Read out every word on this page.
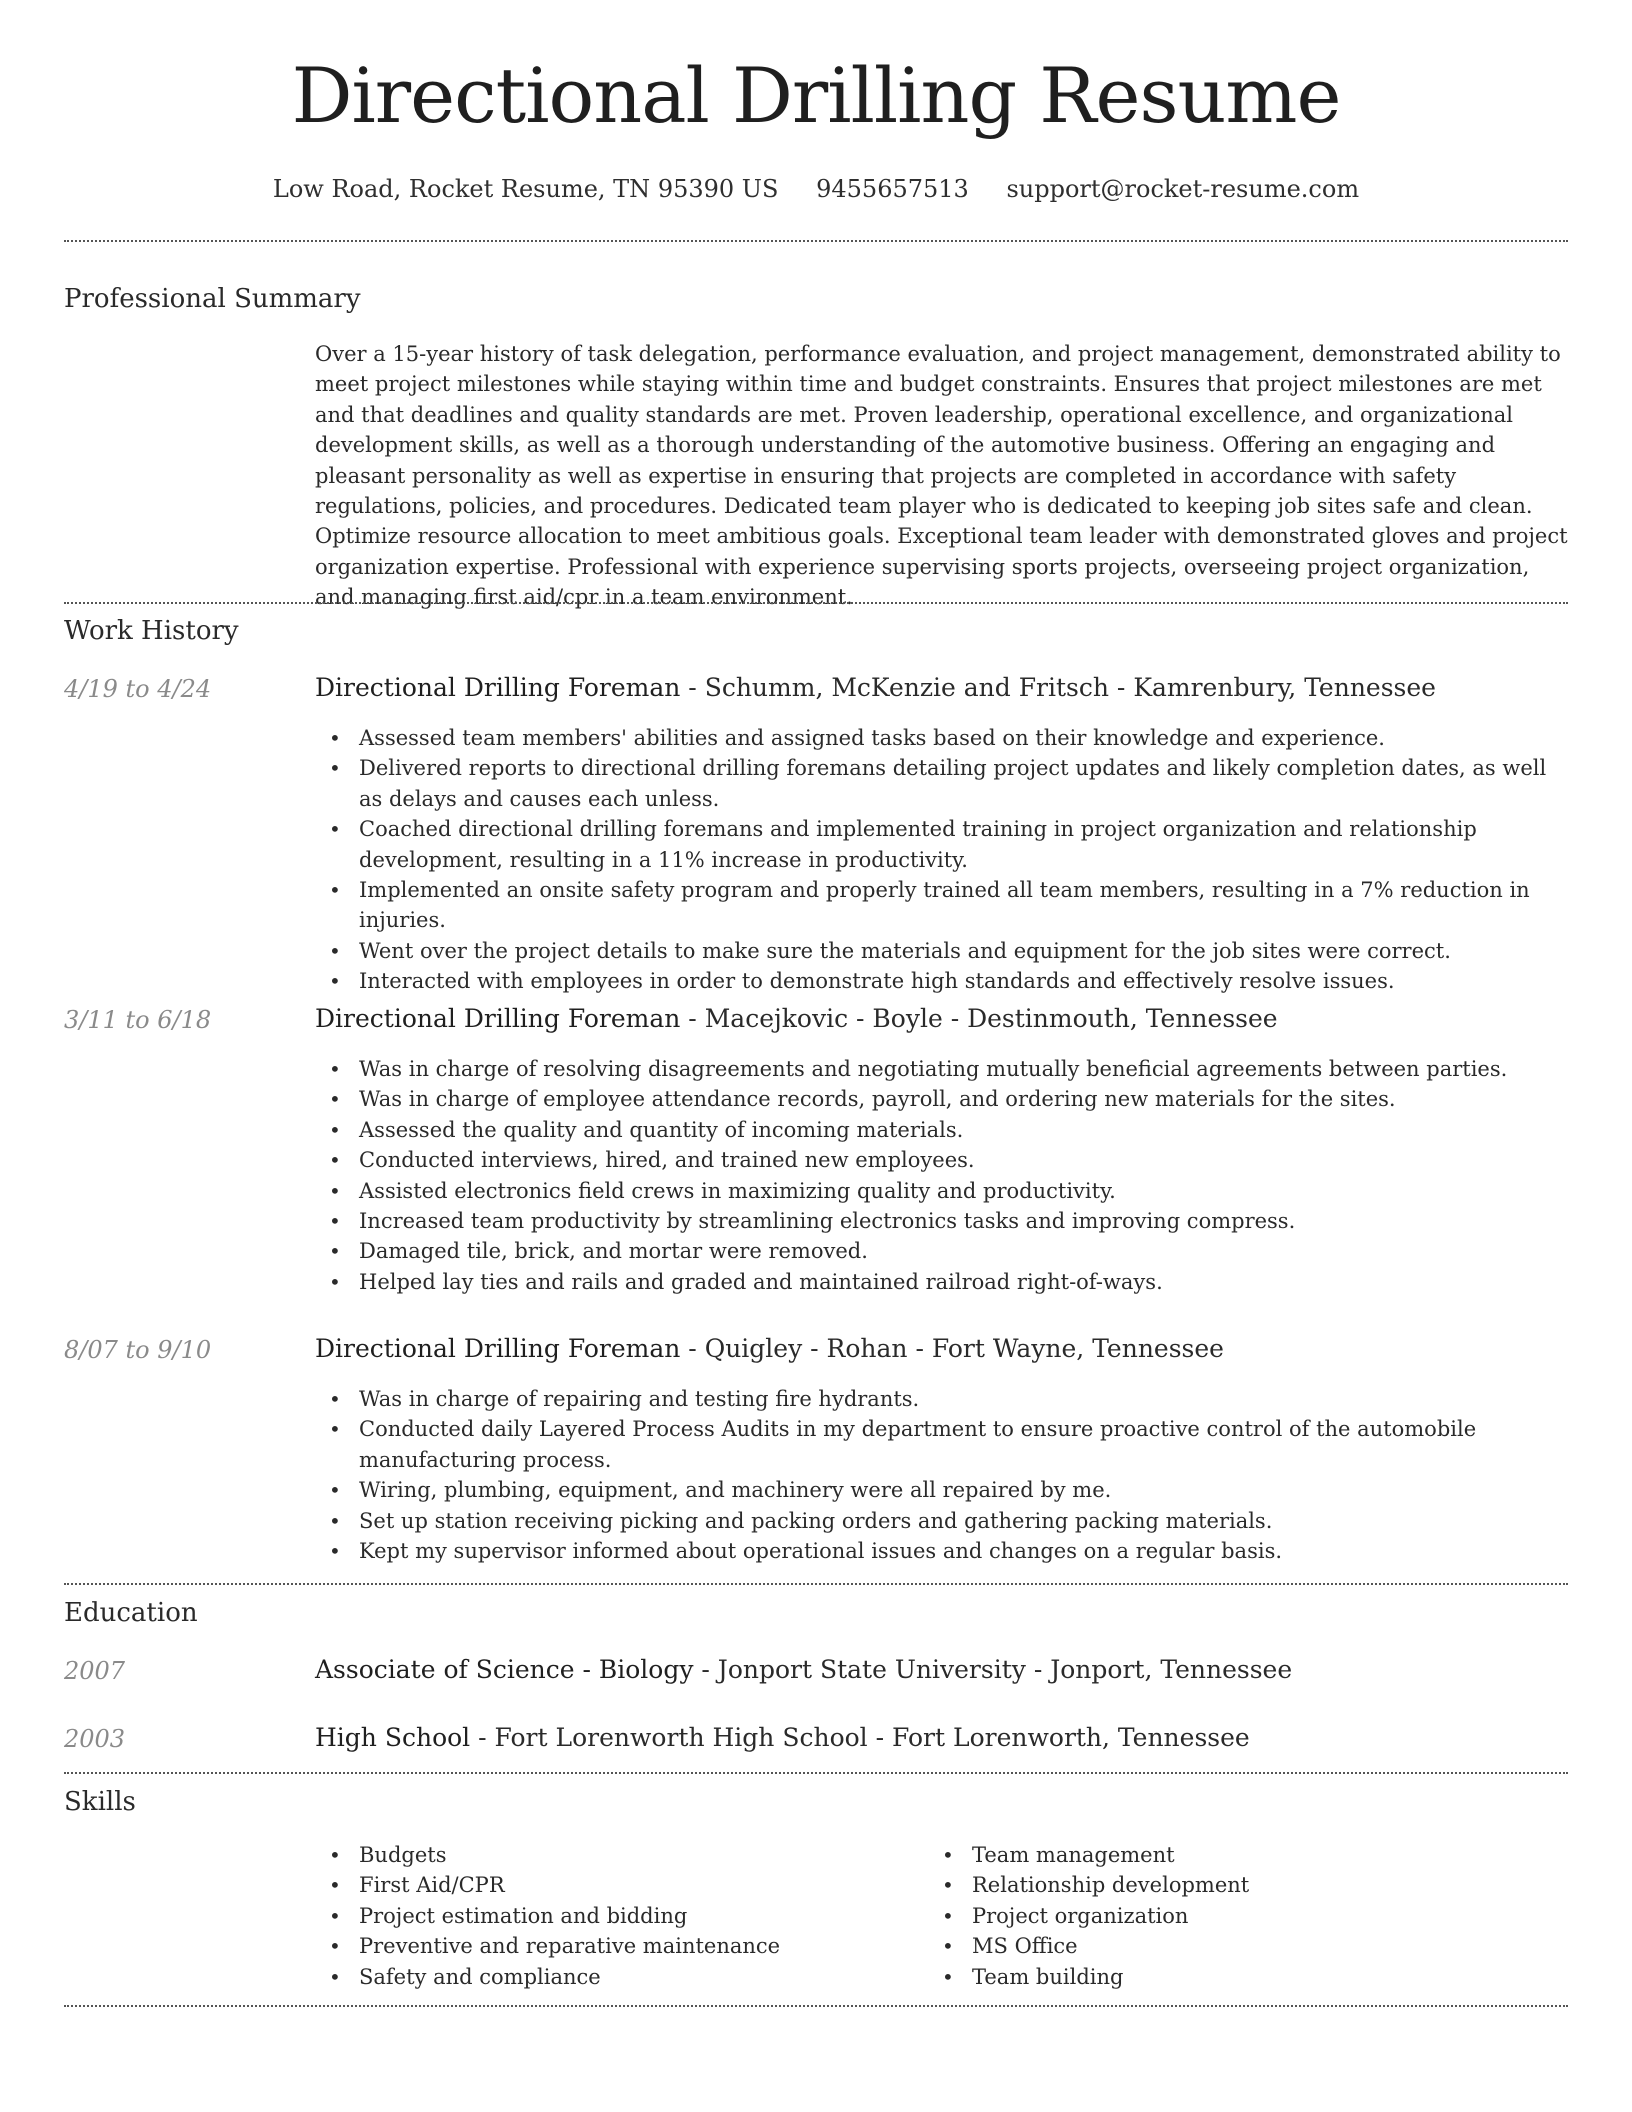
Directional Drilling Resume
Low Road, Rocket Resume, TN 95390 US 9455657513 support@rocket-resume.com
Professional Summary

Over a 15-year history of task delegation, performance evaluation, and project management, demonstrated ability to meet project milestones while staying within time and budget constraints. Ensures that project milestones are met and that deadlines and quality standards are met. Proven leadership, operational excellence, and organizational development skills, as well as a thorough understanding of the automotive business. Offering an engaging and pleasant personality as well as expertise in ensuring that projects are completed in accordance with safety regulations, policies, and procedures. Dedicated team player who is dedicated to keeping job sites safe and clean. Optimize resource allocation to meet ambitious goals. Exceptional team leader with demonstrated gloves and project organization expertise. Professional with experience supervising sports projects, overseeing project organization, and managing first aid/cpr in a team environment.

Work History
4/19 to 4/24	Directional Drilling Foreman - Schumm, McKenzie and Fritsch - Kamrenbury, Tennessee
• Assessed team members' abilities and assigned tasks based on their knowledge and experience.
• Delivered reports to directional drilling foremans detailing project updates and likely completion dates, as well as delays and causes each unless.
• Coached directional drilling foremans and implemented training in project organization and relationship development, resulting in a 11% increase in productivity.
• Implemented an onsite safety program and properly trained all team members, resulting in a 7% reduction in injuries.
• Went over the project details to make sure the materials and equipment for the job sites were correct.
• Interacted with employees in order to demonstrate high standards and effectively resolve issues.
3/11 to 6/18	Directional Drilling Foreman - Macejkovic - Boyle - Destinmouth, Tennessee
• Was in charge of resolving disagreements and negotiating mutually beneficial agreements between parties.
• Was in charge of employee attendance records, payroll, and ordering new materials for the sites.
• Assessed the quality and quantity of incoming materials.
• Conducted interviews, hired, and trained new employees.
• Assisted electronics field crews in maximizing quality and productivity.
• Increased team productivity by streamlining electronics tasks and improving compress.
• Damaged tile, brick, and mortar were removed.
• Helped lay ties and rails and graded and maintained railroad right-of-ways.
8/07 to 9/10	Directional Drilling Foreman - Quigley - Rohan - Fort Wayne, Tennessee
• Was in charge of repairing and testing fire hydrants.
• Conducted daily Layered Process Audits in my department to ensure proactive control of the automobile manufacturing process.
• Wiring, plumbing, equipment, and machinery were all repaired by me.
• Set up station receiving picking and packing orders and gathering packing materials.
• Kept my supervisor informed about operational issues and changes on a regular basis.
Education
2007	Associate of Science - Biology - Jonport State University - Jonport, Tennessee
2003	High School - Fort Lorenworth High School - Fort Lorenworth, Tennessee
Skills
• Budgets
• First Aid/CPR
• Project estimation and bidding
• Preventive and reparative maintenance
• Safety and compliance
• Team management
• Relationship development
• Project organization
• MS Office
• Team building
